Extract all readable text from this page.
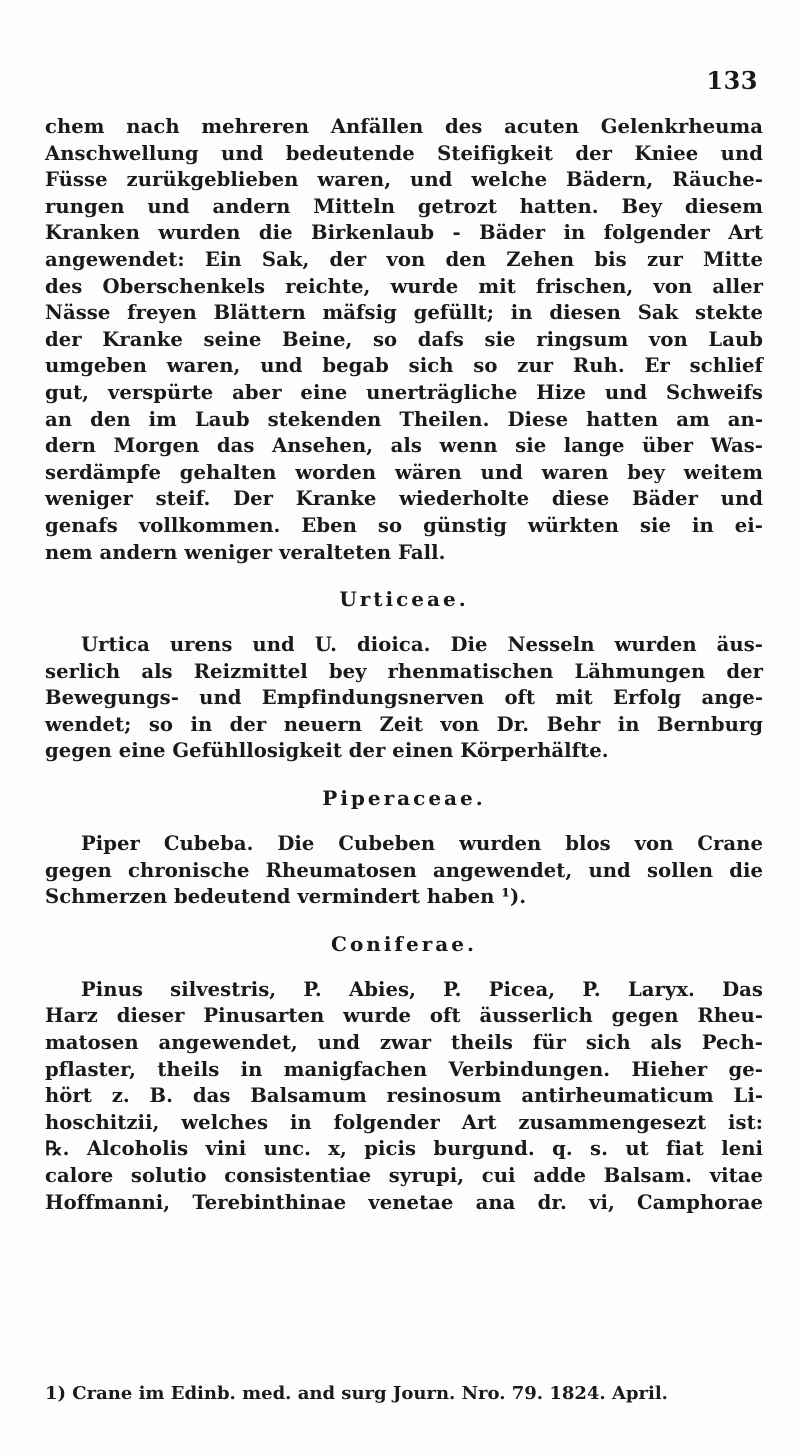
133
chem nach mehreren Anfällen des acuten Gelenkrheuma
Anschwellung und bedeutende Steifigkeit der Kniee und
Füsse zurükgeblieben waren, und welche Bädern, Räuche-
rungen und andern Mitteln getrozt hatten. Bey diesem
Kranken wurden die Birkenlaub - Bäder in folgender Art
angewendet: Ein Sak, der von den Zehen bis zur Mitte
des Oberschenkels reichte, wurde mit frischen, von aller
Nässe freyen Blättern mäfsig gefüllt; in diesen Sak stekte
der Kranke seine Beine, so dafs sie ringsum von Laub
umgeben waren, und begab sich so zur Ruh. Er schlief
gut, verspürte aber eine unerträgliche Hize und Schweifs
an den im Laub stekenden Theilen. Diese hatten am an-
dern Morgen das Ansehen, als wenn sie lange über Was-
serdämpfe gehalten worden wären und waren bey weitem
weniger steif. Der Kranke wiederholte diese Bäder und
genafs vollkommen. Eben so günstig würkten sie in ei-
nem andern weniger veralteten Fall.
Urticeae.
Urtica urens und U. dioica. Die Nesseln wurden äus-
serlich als Reizmittel bey rhenmatischen Lähmungen der
Bewegungs- und Empfindungsnerven oft mit Erfolg ange-
wendet; so in der neuern Zeit von Dr. Behr in Bernburg
gegen eine Gefühllosigkeit der einen Körperhälfte.
Piperaceae.
Piper Cubeba. Die Cubeben wurden blos von Crane
gegen chronische Rheumatosen angewendet, und sollen die
Schmerzen bedeutend vermindert haben ¹).
Coniferae.
Pinus silvestris, P. Abies, P. Picea, P. Laryx. Das
Harz dieser Pinusarten wurde oft äusserlich gegen Rheu-
matosen angewendet, und zwar theils für sich als Pech-
pflaster, theils in manigfachen Verbindungen. Hieher ge-
hört z. B. das Balsamum resinosum antirheumaticum Li-
hoschitzii, welches in folgender Art zusammengesezt ist:
℞. Alcoholis vini unc. x, picis burgund. q. s. ut fiat leni
calore solutio consistentiae syrupi, cui adde Balsam. vitae
Hoffmanni, Terebinthinae venetae ana dr. vi, Camphorae
1) Crane im Edinb. med. and surg Journ. Nro. 79. 1824. April.
